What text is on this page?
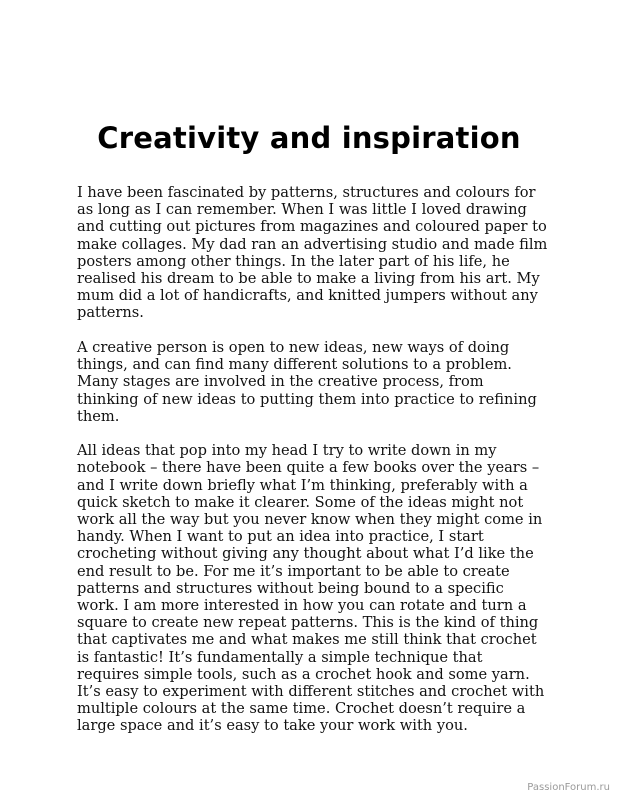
Creativity and inspiration

I have been fascinated by patterns, structures and colours for as long as I can remember. When I was little I loved drawing and cutting out pictures from magazines and coloured paper to make collages. My dad ran an advertising studio and made film posters among other things. In the later part of his life, he realised his dream to be able to make a living from his art. My mum did a lot of handicrafts, and knitted jumpers without any patterns.

A creative person is open to new ideas, new ways of doing things, and can find many different solutions to a problem. Many stages are involved in the creative process, from thinking of new ideas to putting them into practice to refining them.

All ideas that pop into my head I try to write down in my notebook – there have been quite a few books over the years – and I write down briefly what I’m thinking, preferably with a quick sketch to make it clearer. Some of the ideas might not work all the way but you never know when they might come in handy. When I want to put an idea into practice, I start crocheting without giving any thought about what I’d like the end result to be. For me it’s important to be able to create patterns and structures without being bound to a specific work. I am more interested in how you can rotate and turn a square to create new repeat patterns. This is the kind of thing that captivates me and what makes me still think that crochet is fantastic! It’s fundamentally a simple technique that requires simple tools, such as a crochet hook and some yarn. It’s easy to experiment with different stitches and crochet with multiple colours at the same time. Crochet doesn’t require a large space and it’s easy to take your work with you.

PassionForum.ru
